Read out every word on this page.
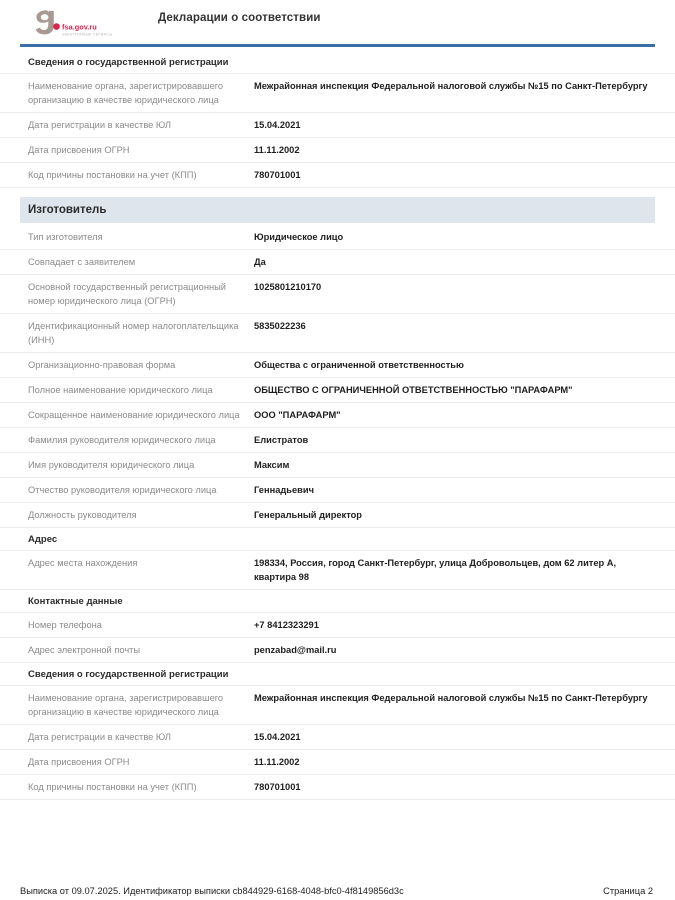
fsa.gov.ru
ЭЛЕКТРОННЫЕ СЕРВИСЫ
Декларации о соответствии
Сведения о государственной регистрации
Наименование органа, зарегистрировавшего организацию в качестве юридического лица
Межрайонная инспекция Федеральной налоговой службы №15 по Санкт-Петербургу
Дата регистрации в качестве ЮЛ	15.04.2021
Дата присвоения ОГРН	11.11.2002
Код причины постановки на учет (КПП)	780701001
Изготовитель
Тип изготовителя	Юридическое лицо
Совпадает с заявителем	Да
Основной государственный регистрационный номер юридического лица (ОГРН)
1025801210170
Идентификационный номер налогоплательщика (ИНН)
5835022236
Организационно-правовая форма	Общества с ограниченной ответственностью
Полное наименование юридического лица	ОБЩЕСТВО С ОГРАНИЧЕННОЙ ОТВЕТСТВЕННОСТЬЮ "ПАРАФАРМ"
Сокращенное наименование юридического лица	ООО "ПАРАФАРМ"
Фамилия руководителя юридического лица	Елистратов
Имя руководителя юридического лица	Максим
Отчество руководителя юридического лица	Геннадьевич
Должность руководителя	Генеральный директор
Адрес
Адрес места нахождения	198334, Россия, город Санкт-Петербург, улица Добровольцев, дом 62 литер А, квартира 98
Контактные данные
Номер телефона	+7 8412323291
Адрес электронной почты	penzabad@mail.ru
Сведения о государственной регистрации
Наименование органа, зарегистрировавшего организацию в качестве юридического лица
Межрайонная инспекция Федеральной налоговой службы №15 по Санкт-Петербургу
Дата регистрации в качестве ЮЛ	15.04.2021
Дата присвоения ОГРН	11.11.2002
Код причины постановки на учет (КПП)	780701001
Выписка от 09.07.2025. Идентификатор выписки cb844929-6168-4048-bfc0-4f8149856d3c	Страница 2
